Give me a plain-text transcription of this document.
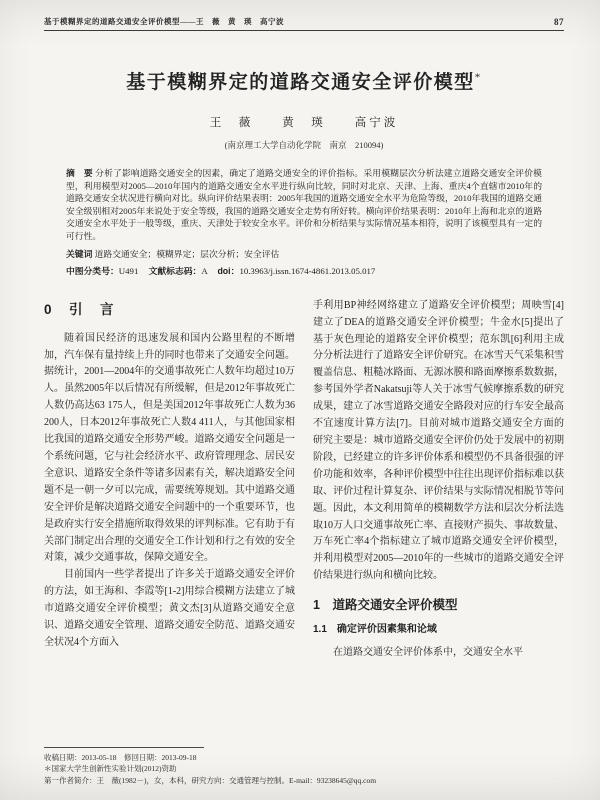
基于模糊界定的道路交通安全评价模型——王　薇　黄　瑛　高宁波	87
基于模糊界定的道路交通安全评价模型*
王　薇　　黄　瑛　　高宁波
(南京理工大学自动化学院　南京　210094)
摘　要 分析了影响道路交通安全的因素，确定了道路交通安全的评价指标。采用模糊层次分析法建立道路交通安全评价模型，利用模型对2005—2010年国内的道路交通安全水平进行纵向比较，同时对北京、天津、上海、重庆4个直辖市2010年的道路交通安全状况进行横向对比。纵向评价结果表明：2005年我国的道路交通安全水平为危险等级，2010年我国的道路交通安全级别相对2005年来说处于安全等级，我国的道路交通安全走势有所好转。横向评价结果表明：2010年上海和北京的道路交通安全水平处于一般等级，重庆、天津处于较安全水平。评价和分析结果与实际情况基本相符，说明了该模型具有一定的可行性。
关键词 道路交通安全；模糊界定；层次分析；安全评估
中图分类号：U491 文献标志码：A doi：10.3963/j.issn.1674-4861.2013.05.017
0　引　言

随着国民经济的迅速发展和国内公路里程的不断增加，汽车保有量持续上升的同时也带来了交通安全问题。据统计，2001—2004年的交通事故死亡人数年均超过10万人。虽然2005年以后情况有所缓解，但是2012年事故死亡人数仍高达63 175人，但是美国2012年事故死亡人数为36 200人，日本2012年事故死亡人数4 411人，与其他国家相比我国的道路交通安全形势严峻。道路交通安全问题是一个系统问题，它与社会经济水平、政府管理理念、居民安全意识、道路安全条件等诸多因素有关，解决道路安全问题不是一朝一夕可以完成，需要统筹规划。其中道路交通安全评价是解决道路交通安全问题中的一个重要环节，也是政府实行安全措施所取得效果的评判标准。它有助于有关部门制定出合理的交通安全工作计划和行之有效的安全对策，减少交通事故，保障交通安全。

目前国内一些学者提出了许多关于道路交通安全评价的方法，如王海和、李霞等[1-2]用综合模糊方法建立了城市道路交通安全评价模型；黄文杰[3]从道路交通安全意识、道路交通安全管理、道路交通安全防范、道路交通安全状况4个方面入

手利用BP神经网络建立了道路安全评价模型；周映雪[4]建立了DEA的道路交通安全评价模型；牛金水[5]提出了基于灰色理论的道路安全评价模型；范东凯[6]利用主成分分析法进行了道路安全评价研究。在冰雪天气采集积雪覆盖信息、粗糙冰路面、无源冰膜和路面摩擦系数数据，参考国外学者Nakatsuji等人关于冰雪气候摩擦系数的研究成果，建立了冰雪道路交通安全路段对应的行车安全最高不宜速度计算方法[7]。目前对城市道路交通安全方面的研究主要是：城市道路交通安全评价仍处于发展中的初期阶段，已经建立的许多评价体系和模型仍不具备很强的评价功能和效率，各种评价模型中往往出现评价指标难以获取、评价过程计算复杂、评价结果与实际情况相脱节等问题。因此，本文利用简单的模糊数学方法和层次分析法选取10万人口交通事故死亡率、直接财产损失、事故数量、万车死亡率4个指标建立了城市道路交通安全评价模型，并利用模型对2005—2010年的一些城市的道路交通安全评价结果进行纵向和横向比较。

1　道路交通安全评价模型
1.1　确定评价因素集和论域

在道路交通安全评价体系中，交通安全水平

收稿日期：2013-05-18　修回日期：2013-09-18
＊国家大学生创新性实验计划(2012)资助
第一作者简介：王　薇(1982－)，女，本科，研究方向：交通管理与控制。E-mail：93238645@qq.com
